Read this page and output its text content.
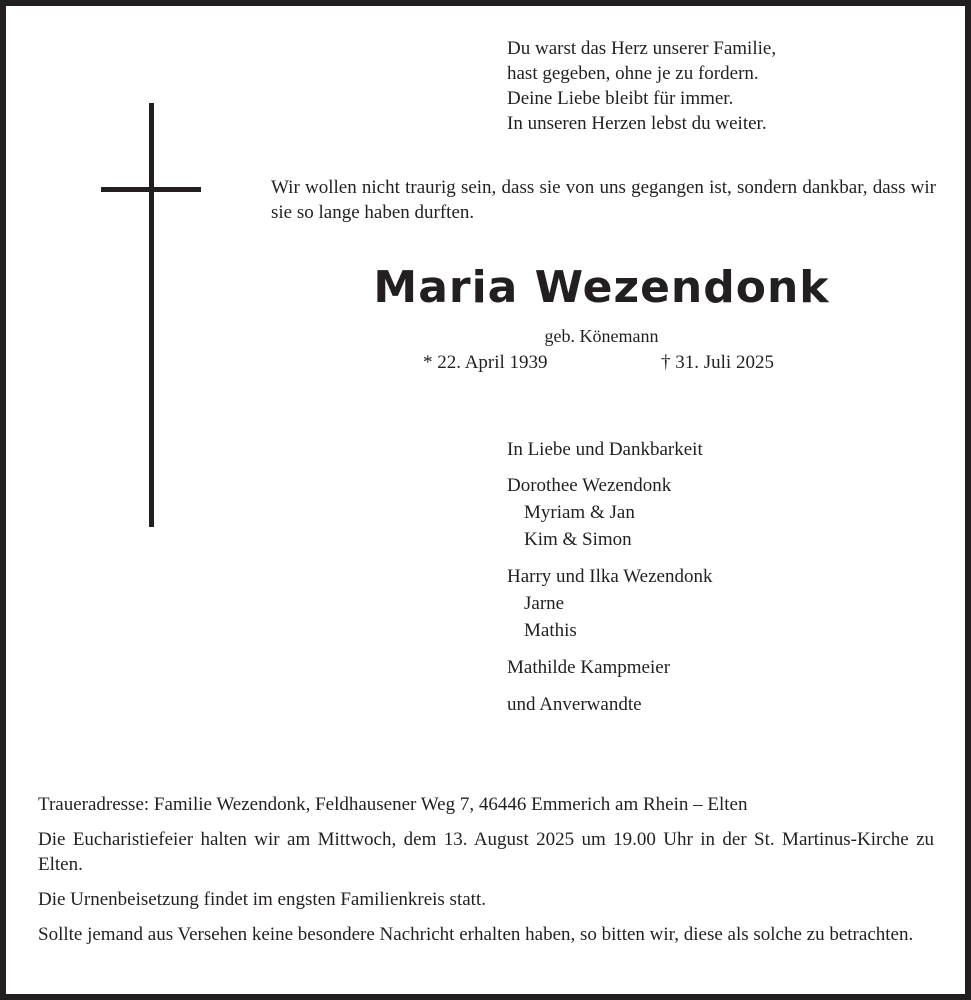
Du warst das Herz unserer Familie,
hast gegeben, ohne je zu fordern.
Deine Liebe bleibt für immer.
In unseren Herzen lebst du weiter.
Wir wollen nicht traurig sein, dass sie von uns gegangen ist, sondern dankbar, dass wir sie so lange haben durften.
Maria Wezendonk
geb. Könemann
* 22. April 1939	† 31. Juli 2025
In Liebe und Dankbarkeit
Dorothee Wezendonk
Myriam & Jan
Kim & Simon
Harry und Ilka Wezendonk
Jarne
Mathis
Mathilde Kampmeier
und Anverwandte

Traueradresse: Familie Wezendonk, Feldhausener Weg 7, 46446 Emmerich am Rhein – Elten

Die Eucharistiefeier halten wir am Mittwoch, dem 13. August 2025 um 19.00 Uhr in der St. Martinus-Kirche zu Elten.

Die Urnenbeisetzung findet im engsten Familienkreis statt.

Sollte jemand aus Versehen keine besondere Nachricht erhalten haben, so bitten wir, diese als solche zu betrachten.
